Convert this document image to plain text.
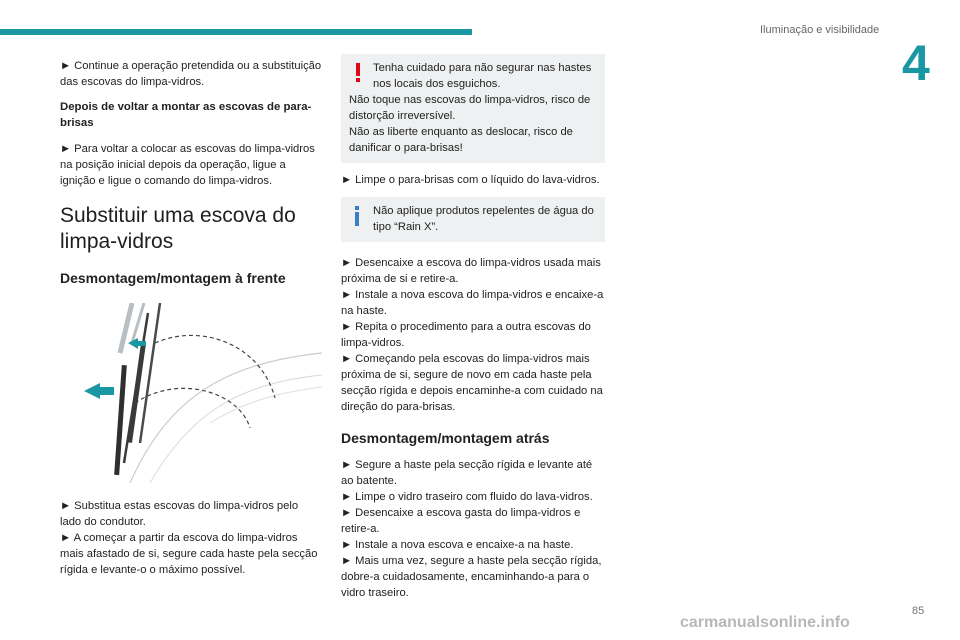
Iluminação e visibilidade
4

► Continue a operação pretendida ou a substituição das escovas do limpa-vidros.

Depois de voltar a montar as escovas de para-brisas

► Para voltar a colocar as escovas do limpa-vidros na posição inicial depois da operação, ligue a ignição e ligue o comando do limpa-vidros.

Substituir uma escova do limpa-vidros
Desmontagem/montagem à frente

► Substitua estas escovas do limpa-vidros pelo lado do condutor.

► A começar a partir da escova do limpa-vidros mais afastado de si, segure cada haste pela secção rígida e levante-o o máximo possível.

Tenha cuidado para não segurar nas hastes nos locais dos esguichos.

Não toque nas escovas do limpa-vidros, risco de distorção irreversível.

Não as liberte enquanto as deslocar, risco de danificar o para-brisas!

► Limpe o para-brisas com o líquido do lava-vidros.

Não aplique produtos repelentes de água do tipo “Rain X”.

► Desencaixe a escova do limpa-vidros usada mais próxima de si e retire-a.

► Instale a nova escova do limpa-vidros e encaixe-a na haste.

► Repita o procedimento para a outra escovas do limpa-vidros.

► Começando pela escovas do limpa-vidros mais próxima de si, segure de novo em cada haste pela secção rígida e depois encaminhe-a com cuidado na direção do para-brisas.

Desmontagem/montagem atrás

► Segure a haste pela secção rígida e levante até ao batente.

► Limpe o vidro traseiro com fluido do lava-vidros.

► Desencaixe a escova gasta do limpa-vidros e retire-a.

► Instale a nova escova e encaixe-a na haste.

► Mais uma vez, segure a haste pela secção rígida, dobre-a cuidadosamente, encaminhando-a para o vidro traseiro.

85
carmanualsonline.info
